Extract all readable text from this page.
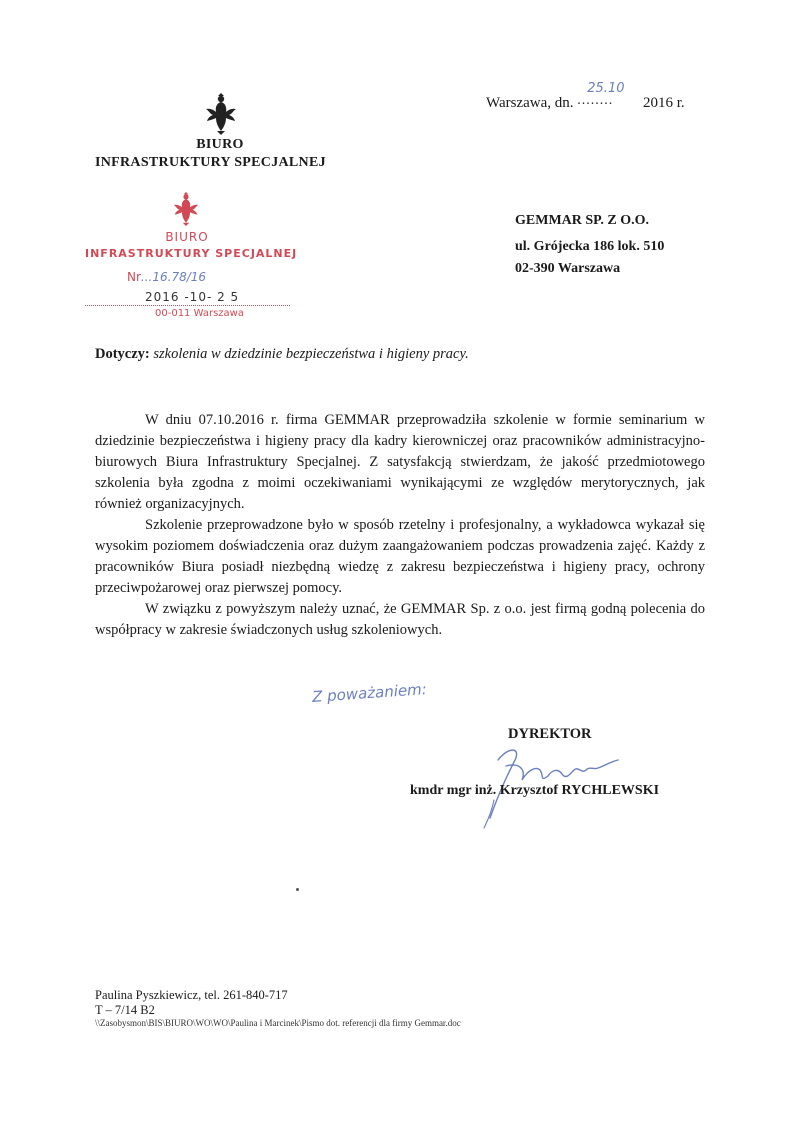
BIURO
INFRASTRUKTURY SPECJALNEJ
Warszawa, dn. ........
25.10
2016 r.
BIURO
INFRASTRUKTURY SPECJALNEJ
Nr...16.78/16
2016 -10- 2 5
00-011 Warszawa
GEMMAR SP. Z O.O.
ul. Grójecka 186 lok. 510
02-390 Warszawa
Dotyczy: szkolenia w dziedzinie bezpieczeństwa i higieny pracy.

W dniu 07.10.2016 r. firma GEMMAR przeprowadziła szkolenie w formie seminarium w dziedzinie bezpieczeństwa i higieny pracy dla kadry kierowniczej oraz pracowników administracyjno-biurowych Biura Infrastruktury Specjalnej. Z satysfakcją stwierdzam, że jakość przedmiotowego szkolenia była zgodna z moimi oczekiwaniami wynikającymi ze względów merytorycznych, jak również organizacyjnych.

Szkolenie przeprowadzone było w sposób rzetelny i profesjonalny, a wykładowca wykazał się wysokim poziomem doświadczenia oraz dużym zaangażowaniem podczas prowadzenia zajęć. Każdy z pracowników Biura posiadł niezbędną wiedzę z zakresu bezpieczeństwa i higieny pracy, ochrony przeciwpożarowej oraz pierwszej pomocy.

W związku z powyższym należy uznać, że GEMMAR Sp. z o.o. jest firmą godną polecenia do współpracy w zakresie świadczonych usług szkoleniowych.

Z poważaniem:
DYREKTOR
kmdr mgr inż. Krzysztof RYCHLEWSKI
Paulina Pyszkiewicz, tel. 261-840-717
T – 7/14 B2
\\Zasobysmon\BIS\BIURO\WO\WO\Paulina i Marcinek\Pismo dot. referencji dla firmy Gemmar.doc
